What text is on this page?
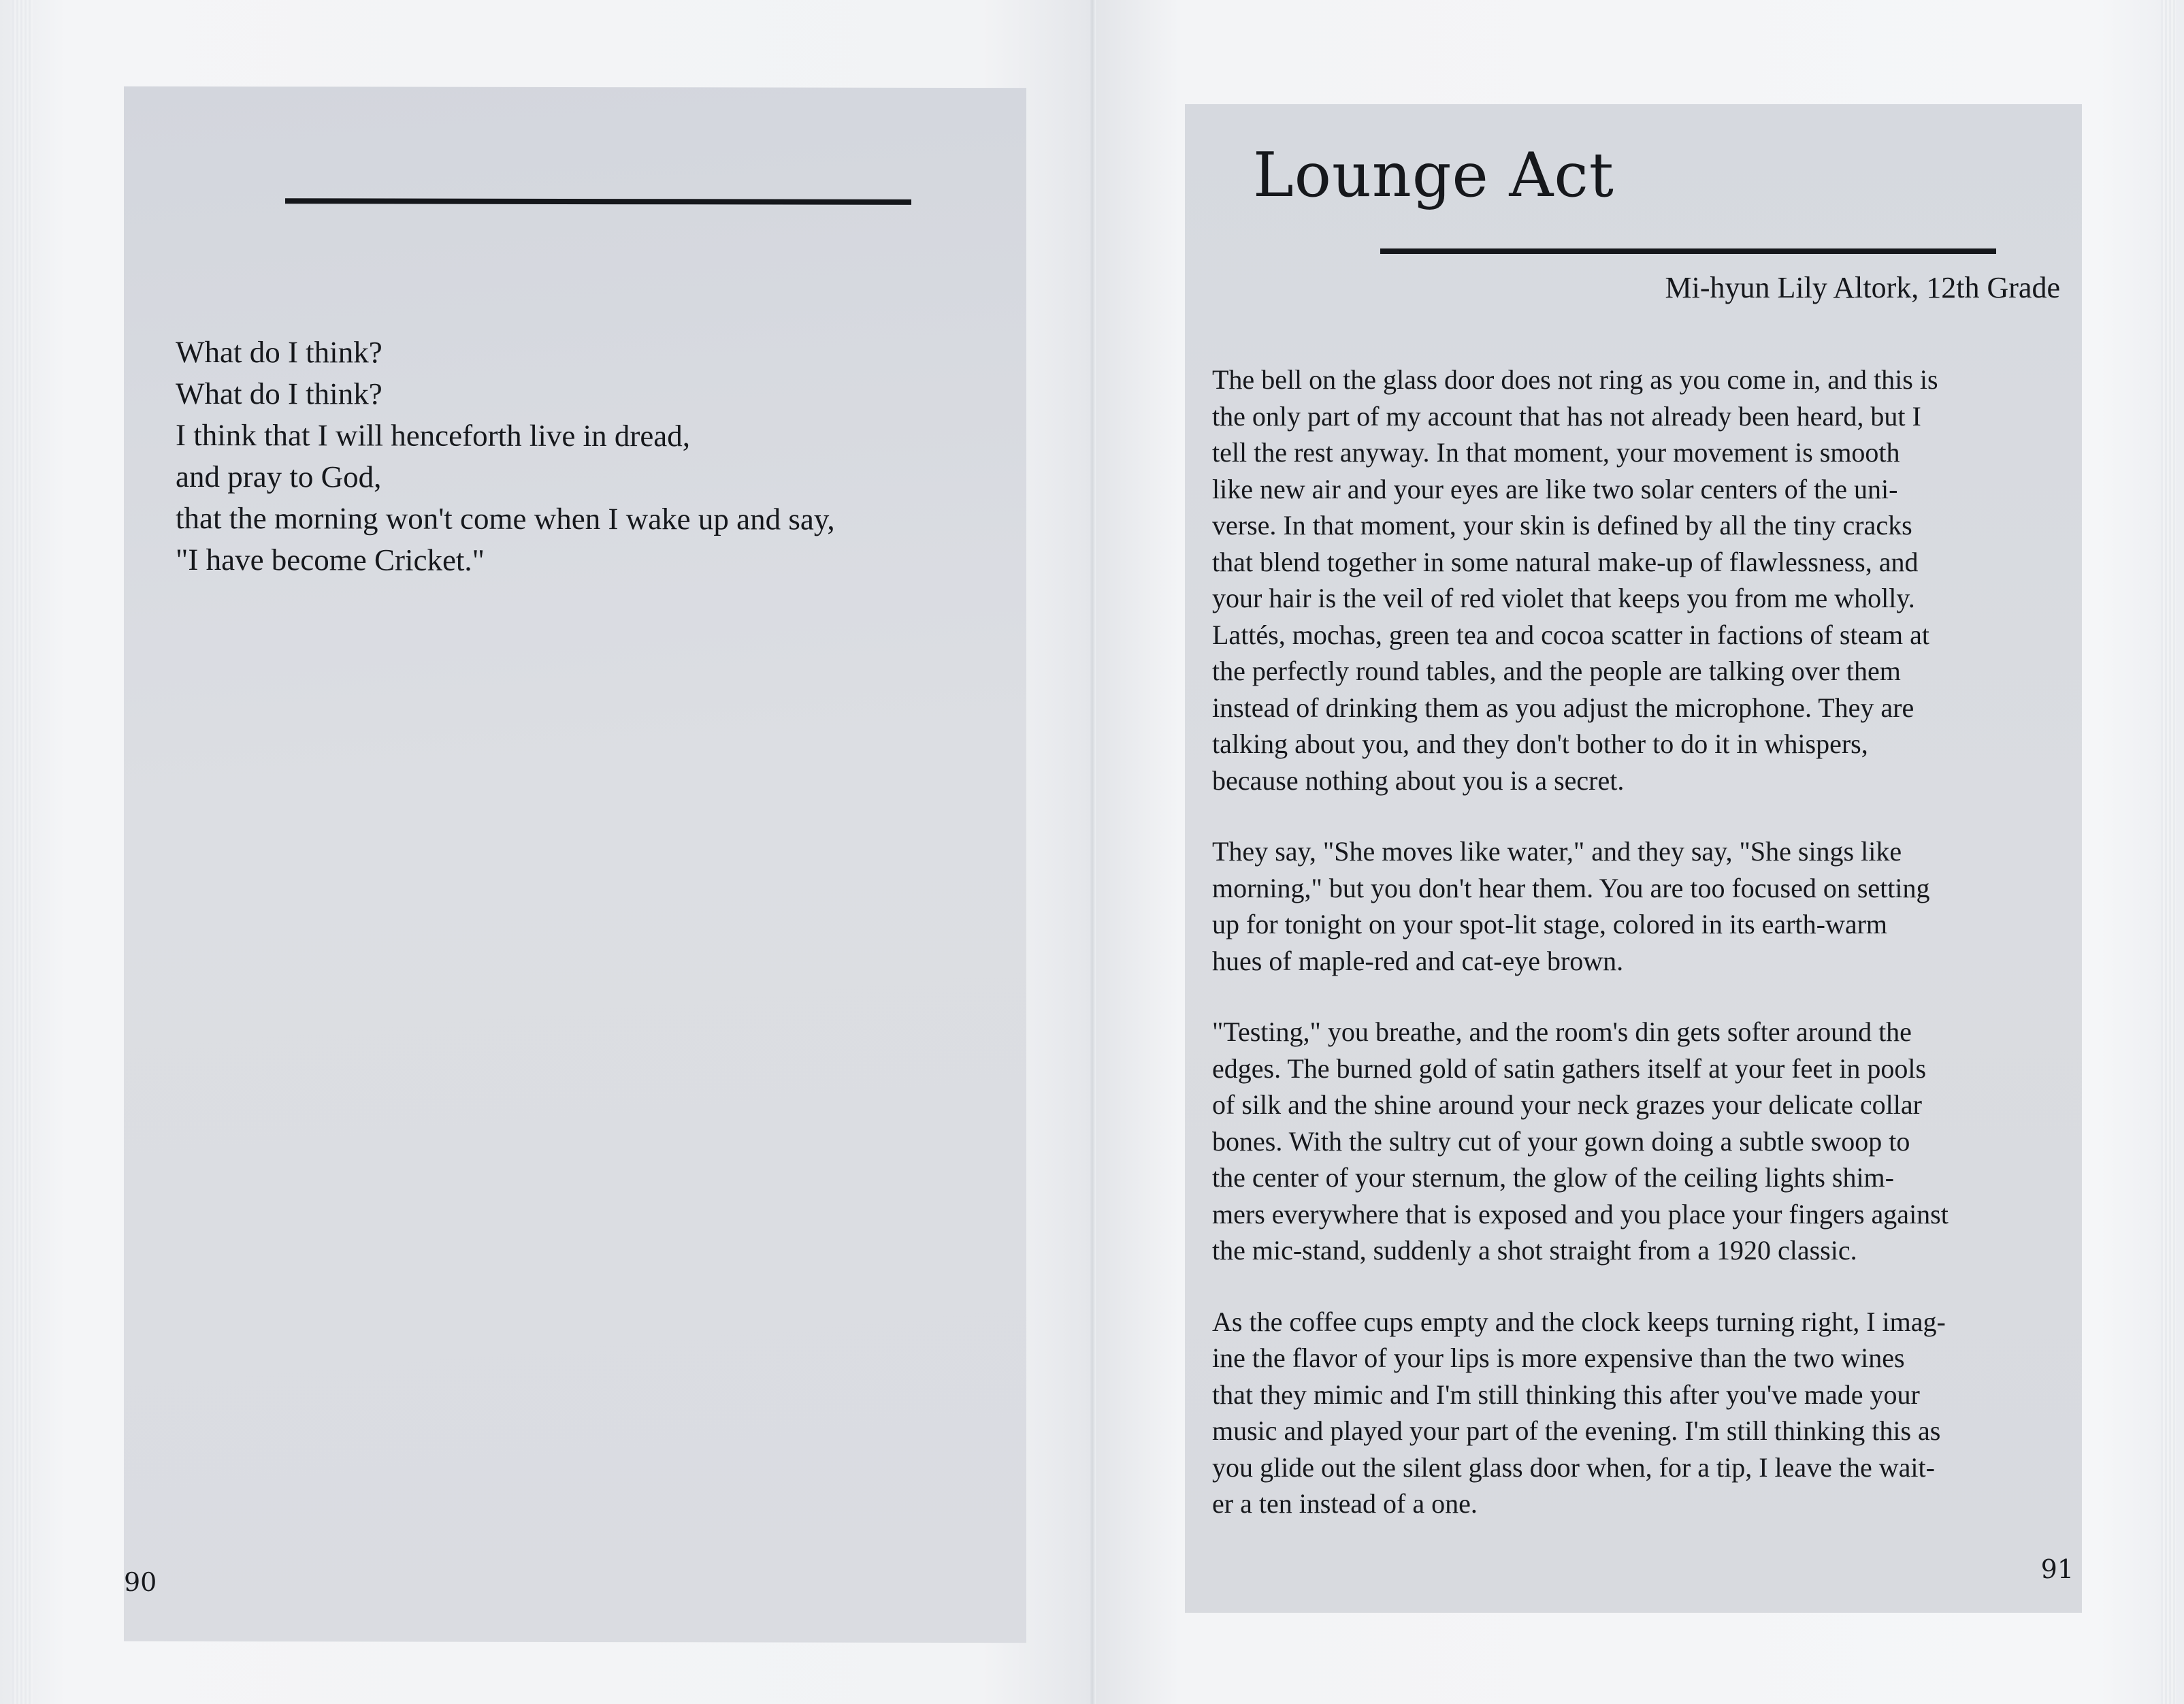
What do I think?
What do I think?
I think that I will henceforth live in dread,
and pray to God,
that the morning won't come when I wake up and say,
"I have become Cricket."
90
Lounge Act
Mi-hyun Lily Altork, 12th Grade

The bell on the glass door does not ring as you come in, and this is
the only part of my account that has not already been heard, but I
tell the rest anyway. In that moment, your movement is smooth
like new air and your eyes are like two solar centers of the uni-
verse. In that moment, your skin is defined by all the tiny cracks
that blend together in some natural make-up of flawlessness, and
your hair is the veil of red violet that keeps you from me wholly.
Lattés, mochas, green tea and cocoa scatter in factions of steam at
the perfectly round tables, and the people are talking over them
instead of drinking them as you adjust the microphone. They are
talking about you, and they don't bother to do it in whispers,
because nothing about you is a secret.

They say, "She moves like water," and they say, "She sings like
morning," but you don't hear them. You are too focused on setting
up for tonight on your spot-lit stage, colored in its earth-warm
hues of maple-red and cat-eye brown.

"Testing," you breathe, and the room's din gets softer around the
edges. The burned gold of satin gathers itself at your feet in pools
of silk and the shine around your neck grazes your delicate collar
bones. With the sultry cut of your gown doing a subtle swoop to
the center of your sternum, the glow of the ceiling lights shim-
mers everywhere that is exposed and you place your fingers against
the mic-stand, suddenly a shot straight from a 1920 classic.

As the coffee cups empty and the clock keeps turning right, I imag-
ine the flavor of your lips is more expensive than the two wines
that they mimic and I'm still thinking this after you've made your
music and played your part of the evening. I'm still thinking this as
you glide out the silent glass door when, for a tip, I leave the wait-
er a ten instead of a one.

91
